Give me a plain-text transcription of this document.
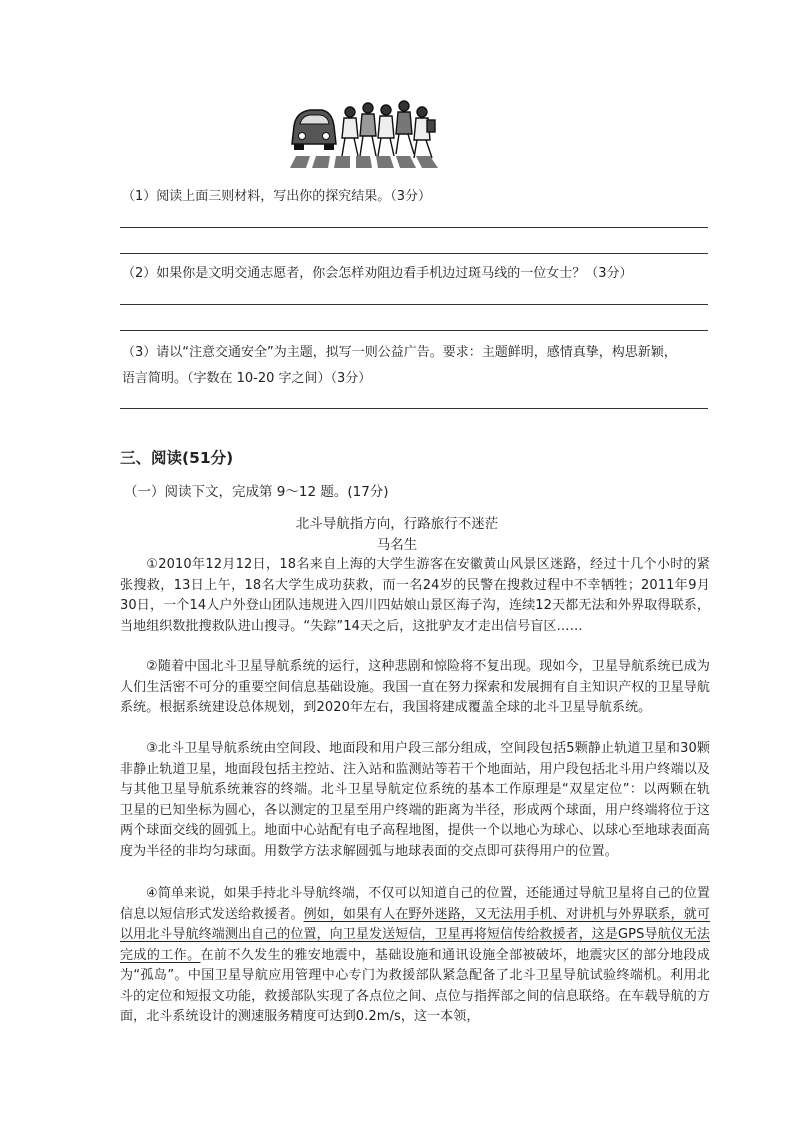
（1）阅读上面三则材料，写出你的探究结果。（3分）
（2）如果你是文明交通志愿者，你会怎样劝阻边看手机边过斑马线的一位女士？（3分）
（3）请以“注意交通安全”为主题，拟写一则公益广告。要求：主题鲜明，感情真挚，构思新颖，
语言简明。（字数在 10-20 字之间）（3分）
三、阅读(51分)
（一）阅读下文，完成第 9～12 题。(17分)
北斗导航指方向，行路旅行不迷茫
马名生
①2010年12月12日，18名来自上海的大学生游客在安徽黄山风景区迷路，经过十几个小时的紧张搜救，13日上午，18名大学生成功获救，而一名24岁的民警在搜救过程中不幸牺牲；2011年9月30日，一个14人户外登山团队违规进入四川四姑娘山景区海子沟，连续12天都无法和外界取得联系，当地组织数批搜救队进山搜寻。“失踪”14天之后，这批驴友才走出信号盲区……
②随着中国北斗卫星导航系统的运行，这种悲剧和惊险将不复出现。现如今，卫星导航系统已成为人们生活密不可分的重要空间信息基础设施。我国一直在努力探索和发展拥有自主知识产权的卫星导航系统。根据系统建设总体规划，到2020年左右，我国将建成覆盖全球的北斗卫星导航系统。
③北斗卫星导航系统由空间段、地面段和用户段三部分组成，空间段包括5颗静止轨道卫星和30颗非静止轨道卫星，地面段包括主控站、注入站和监测站等若干个地面站，用户段包括北斗用户终端以及与其他卫星导航系统兼容的终端。北斗卫星导航定位系统的基本工作原理是“双星定位”：以两颗在轨卫星的已知坐标为圆心，各以测定的卫星至用户终端的距离为半径，形成两个球面，用户终端将位于这两个球面交线的圆弧上。地面中心站配有电子高程地图，提供一个以地心为球心、以球心至地球表面高度为半径的非均匀球面。用数学方法求解圆弧与地球表面的交点即可获得用户的位置。
④简单来说，如果手持北斗导航终端，不仅可以知道自己的位置，还能通过导航卫星将自己的位置信息以短信形式发送给救援者。例如，如果有人在野外迷路，又无法用手机、对讲机与外界联系，就可以用北斗导航终端测出自己的位置，向卫星发送短信，卫星再将短信传给救援者，这是GPS导航仪无法完成的工作。在前不久发生的雅安地震中，基础设施和通讯设施全部被破坏，地震灾区的部分地段成为“孤岛”。中国卫星导航应用管理中心专门为救援部队紧急配备了北斗卫星导航试验终端机。利用北斗的定位和短报文功能，救援部队实现了各点位之间、点位与指挥部之间的信息联络。在车载导航的方面，北斗系统设计的测速服务精度可达到0.2m/s，这一本领，
